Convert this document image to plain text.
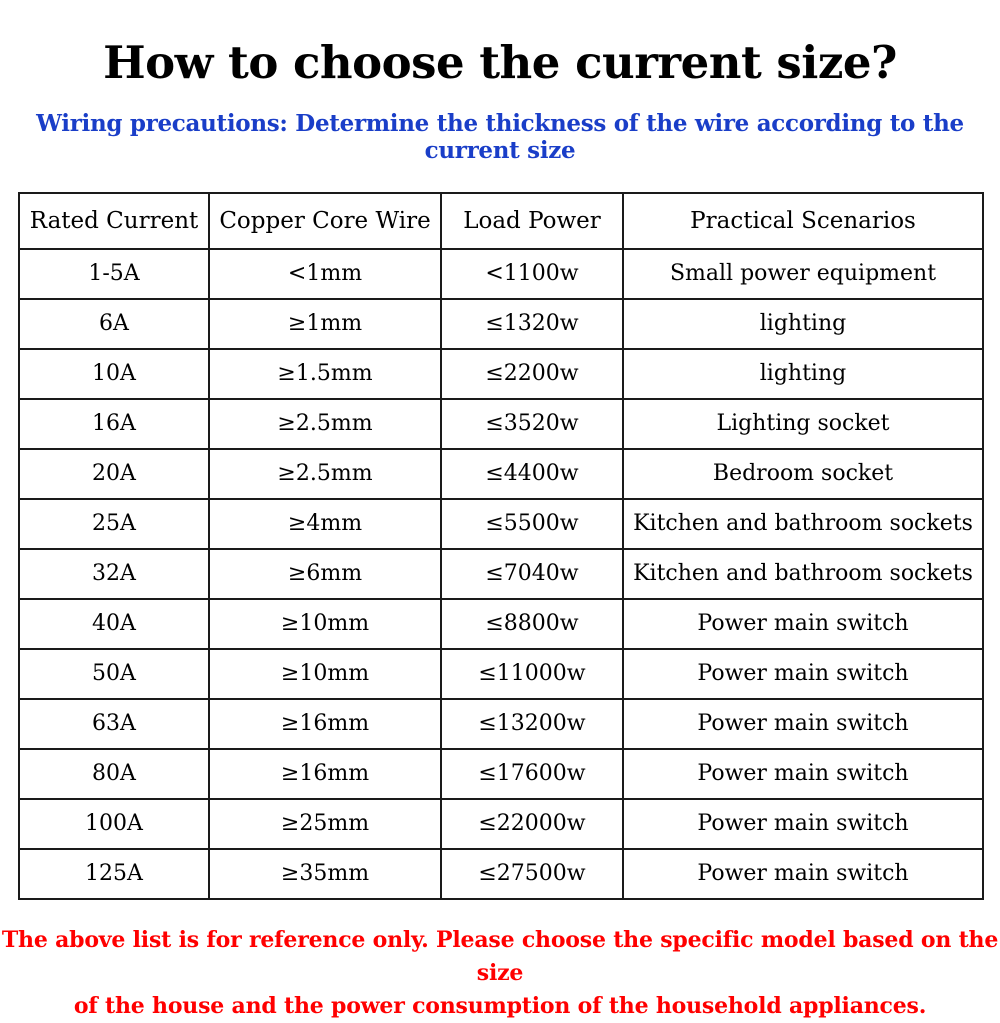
How to choose the current size?

Wiring precautions: Determine the thickness of the wire according to the current size

Rated Current	Copper Core Wire	Load Power	Practical Scenarios
1-5A	<1mm	<1100w	Small power equipment
6A	≥1mm	≤1320w	lighting
10A	≥1.5mm	≤2200w	lighting
16A	≥2.5mm	≤3520w	Lighting socket
20A	≥2.5mm	≤4400w	Bedroom socket
25A	≥4mm	≤5500w	Kitchen and bathroom sockets
32A	≥6mm	≤7040w	Kitchen and bathroom sockets
40A	≥10mm	≤8800w	Power main switch
50A	≥10mm	≤11000w	Power main switch
63A	≥16mm	≤13200w	Power main switch
80A	≥16mm	≤17600w	Power main switch
100A	≥25mm	≤22000w	Power main switch
125A	≥35mm	≤27500w	Power main switch

The above list is for reference only. Please choose the specific model based on the size
of the house and the power consumption of the household appliances.
